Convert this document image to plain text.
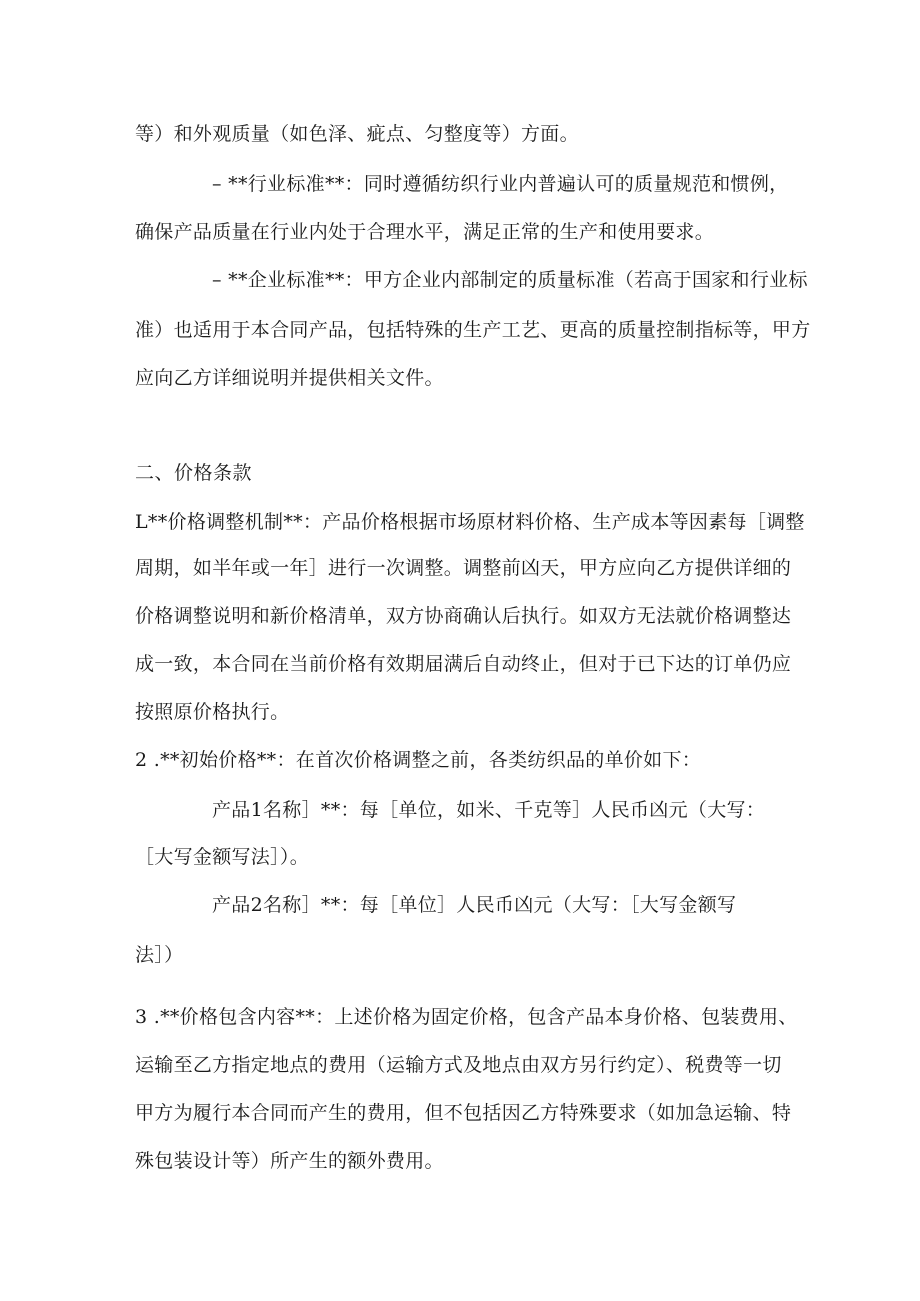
等）和外观质量（如色泽、疵点、匀整度等）方面。
– **行业标准**：同时遵循纺织行业内普遍认可的质量规范和惯例，
确保产品质量在行业内处于合理水平，满足正常的生产和使用要求。
– **企业标准**：甲方企业内部制定的质量标准（若高于国家和行业标
准）也适用于本合同产品，包括特殊的生产工艺、更高的质量控制指标等，甲方
应向乙方详细说明并提供相关文件。
二、价格条款
L**价格调整机制**：产品价格根据市场原材料价格、生产成本等因素每［调整
周期，如半年或一年］进行一次调整。调整前凶天，甲方应向乙方提供详细的
价格调整说明和新价格清单，双方协商确认后执行。如双方无法就价格调整达
成一致，本合同在当前价格有效期届满后自动终止，但对于已下达的订单仍应
按照原价格执行。
2 .**初始价格**：在首次价格调整之前，各类纺织品的单价如下：
产品1名称］**：每［单位，如米、千克等］人民币凶元（大写：
［大写金额写法］）。
产品2名称］**：每［单位］人民币凶元（大写：［大写金额写
法］）
3 .**价格包含内容**：上述价格为固定价格，包含产品本身价格、包装费用、
运输至乙方指定地点的费用（运输方式及地点由双方另行约定）、税费等一切
甲方为履行本合同而产生的费用，但不包括因乙方特殊要求（如加急运输、特
殊包装设计等）所产生的额外费用。
